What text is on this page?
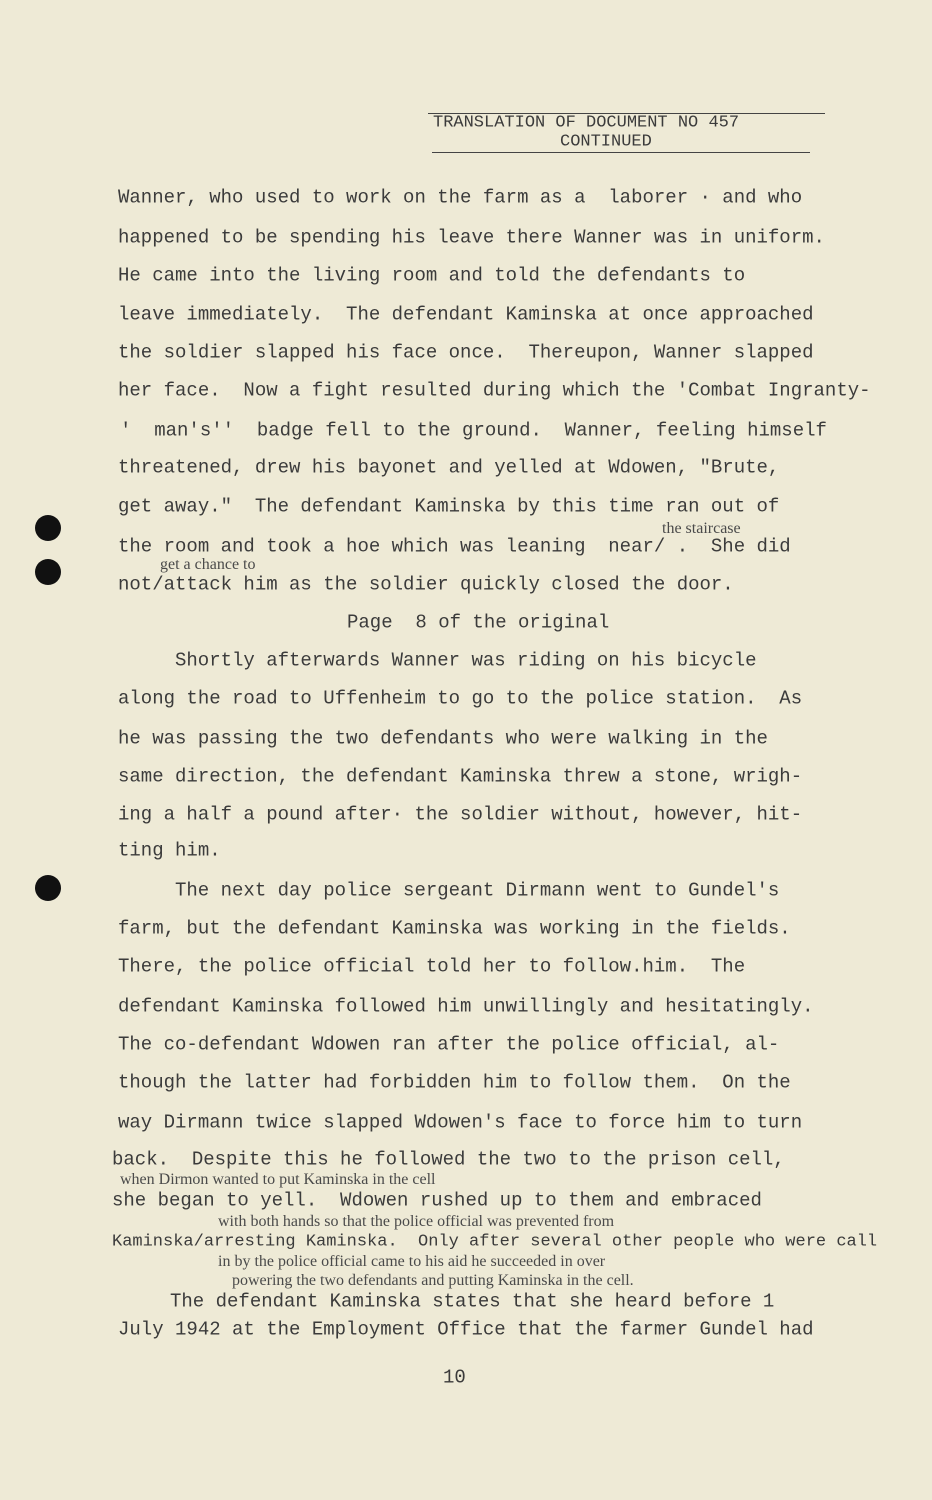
TRANSLATION OF DOCUMENT NO 457
CONTINUED
Wanner, who used to work on the farm as a  laborer · and who
happened to be spending his leave there Wanner was in uniform.
He came into the living room and told the defendants to
leave immediately.  The defendant Kaminska at once approached
the soldier slapped his face once.  Thereupon, Wanner slapped
her face.  Now a fight resulted during which the 'Combat Ingranty-
'  man's''  badge fell to the ground.  Wanner, feeling himself
threatened, drew his bayonet and yelled at Wdowen, "Brute,
get away."  The defendant Kaminska by this time ran out of
the staircase
the room and took a hoe which was leaning  near/ .  She did
get a chance to
not/attack him as the soldier quickly closed the door.
Page  8 of the original
Shortly afterwards Wanner was riding on his bicycle
along the road to Uffenheim to go to the police station.  As
he was passing the two defendants who were walking in the
same direction, the defendant Kaminska threw a stone, wrigh-
ing a half a pound after· the soldier without, however, hit-
ting him.
The next day police sergeant Dirmann went to Gundel's
farm, but the defendant Kaminska was working in the fields.
There, the police official told her to follow.him.  The
defendant Kaminska followed him unwillingly and hesitatingly.
The co-defendant Wdowen ran after the police official, al-
though the latter had forbidden him to follow them.  On the
way Dirmann twice slapped Wdowen's face to force him to turn
back.  Despite this he followed the two to the prison cell,
when Dirmon wanted to put Kaminska in the cell
she began to yell.  Wdowen rushed up to them and embraced
with both hands so that the police official was prevented from
Kaminska/arresting Kaminska.  Only after several other people who were call
in by the police official came to his aid he succeeded in over
powering the two defendants and putting Kaminska in the cell.
The defendant Kaminska states that she heard before 1
July 1942 at the Employment Office that the farmer Gundel had
10
